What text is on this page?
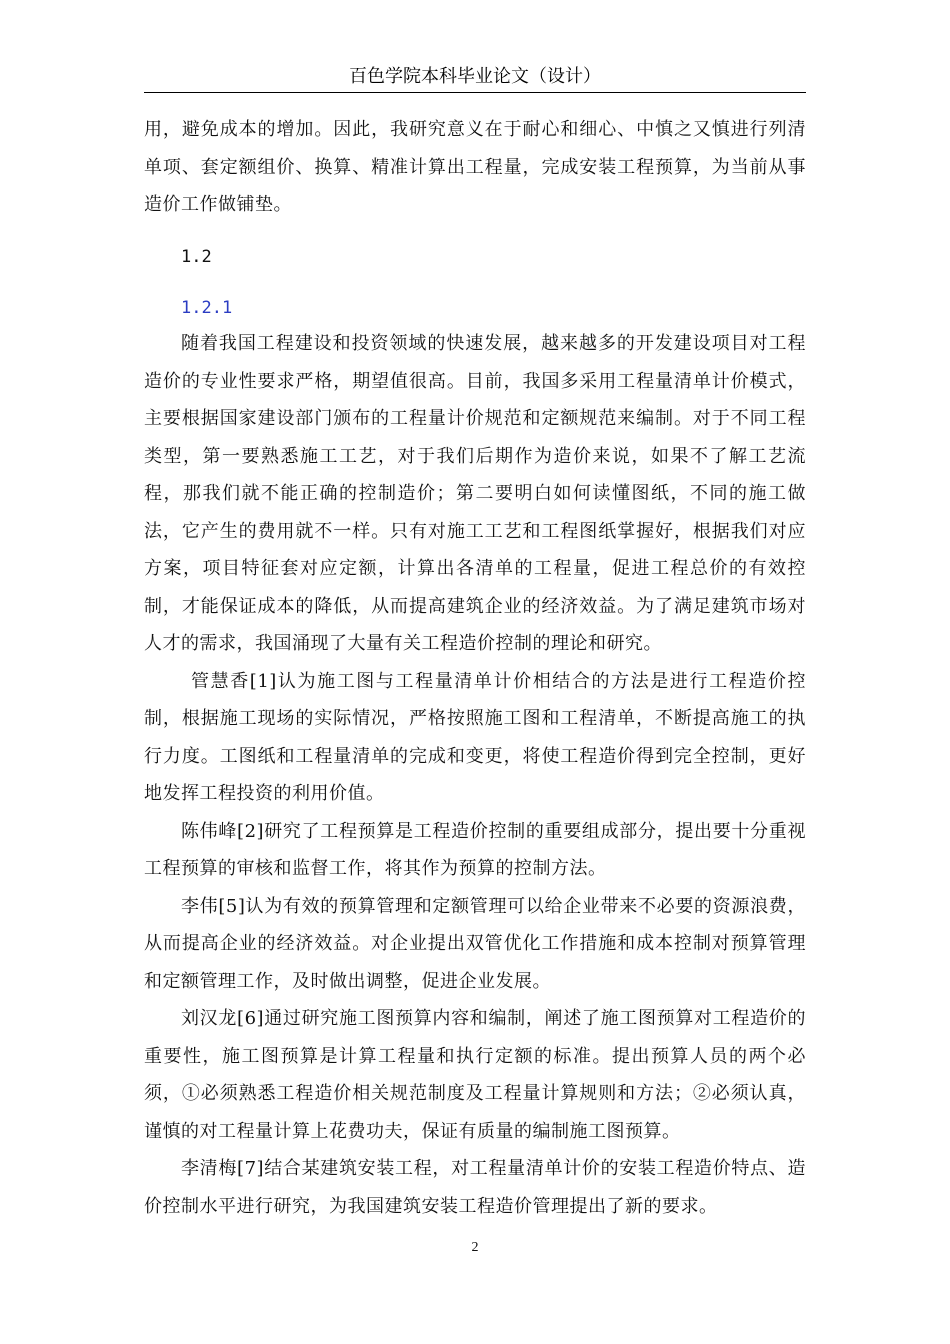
百色学院本科毕业论文（设计）

用，避免成本的增加。因此，我研究意义在于耐心和细心、中慎之又慎进行列清单项、套定额组价、换算、精准计算出工程量，完成安装工程预算，为当前从事造价工作做铺垫。

1.2
1.2.1

随着我国工程建设和投资领域的快速发展，越来越多的开发建设项目对工程造价的专业性要求严格，期望值很高。目前，我国多采用工程量清单计价模式，主要根据国家建设部门颁布的工程量计价规范和定额规范来编制。对于不同工程类型，第一要熟悉施工工艺，对于我们后期作为造价来说，如果不了解工艺流程，那我们就不能正确的控制造价；第二要明白如何读懂图纸，不同的施工做法，它产生的费用就不一样。只有对施工工艺和工程图纸掌握好，根据我们对应方案，项目特征套对应定额，计算出各清单的工程量，促进工程总价的有效控制，才能保证成本的降低，从而提高建筑企业的经济效益。为了满足建筑市场对人才的需求，我国涌现了大量有关工程造价控制的理论和研究。

管慧香[1]认为施工图与工程量清单计价相结合的方法是进行工程造价控制，根据施工现场的实际情况，严格按照施工图和工程清单，不断提高施工的执行力度。工图纸和工程量清单的完成和变更，将使工程造价得到完全控制，更好地发挥工程投资的利用价值。

陈伟峰[2]研究了工程预算是工程造价控制的重要组成部分，提出要十分重视工程预算的审核和监督工作，将其作为预算的控制方法。

李伟[5]认为有效的预算管理和定额管理可以给企业带来不必要的资源浪费，从而提高企业的经济效益。对企业提出双管优化工作措施和成本控制对预算管理和定额管理工作，及时做出调整，促进企业发展。

刘汉龙[6]通过研究施工图预算内容和编制，阐述了施工图预算对工程造价的重要性，施工图预算是计算工程量和执行定额的标准。提出预算人员的两个必须，①必须熟悉工程造价相关规范制度及工程量计算规则和方法；②必须认真，谨慎的对工程量计算上花费功夫，保证有质量的编制施工图预算。

李清梅[7]结合某建筑安装工程，对工程量清单计价的安装工程造价特点、造价控制水平进行研究，为我国建筑安装工程造价管理提出了新的要求。

2
